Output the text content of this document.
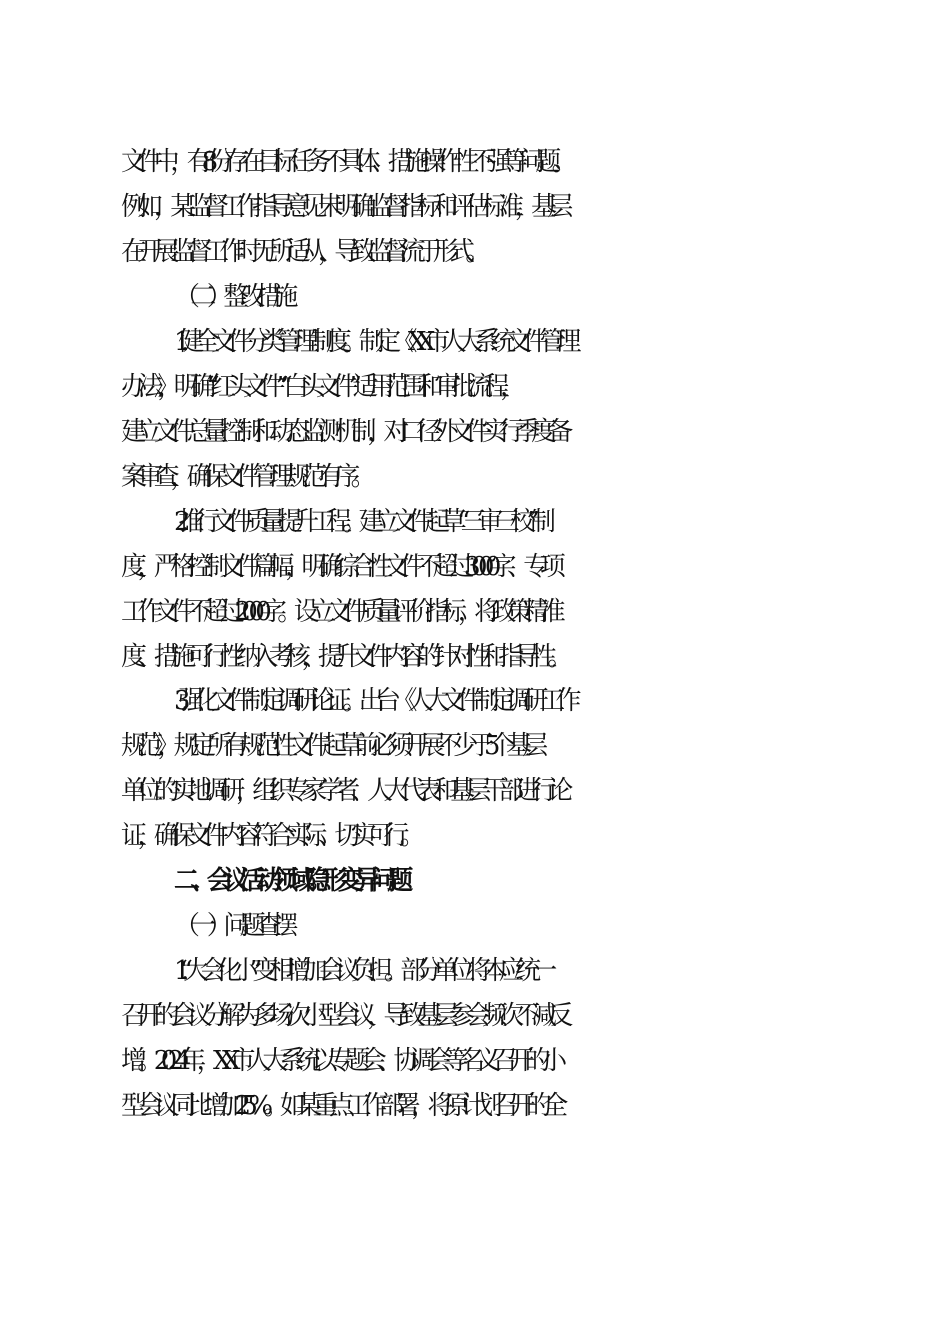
文件中，有 8 份存在目标任务不具体、措施操作性不强等问题。
例如，某监督工作指导意见未明确监督指标和评估标准，基层
在开展监督工作时无所适从，导致监督流于形式。
（二）整改措施
1. 健全文件分类管理制度。制定《XX 市人大系统文件管理
办法》，明确“红头文件”“白头文件”适用范围和审批流程，
建立文件总量控制和动态监测机制，对口径外文件实行季度备
案审查，确保文件管理规范有序。
2. 推行文件质量提升工程。建立文件起草“三审三校”制
度，严格控制文件篇幅，明确综合性文件不超过 3000 字、专项
工作文件不超过 2000 字。设立文件质量评价指标，将政策精准
度、措施可行性纳入考核，提升文件内容的针对性和指导性。
3. 强化文件制定调研论证。出台《人大文件制定调研工作
规范》，规定所有规范性文件起草前必须开展不少于 5 个基层
单位的实地调研，组织专家学者、人大代表和基层干部进行论
证，确保文件内容符合实际、切实可行。
二、会议活动领域隐形变异问题
（一）问题查摆
1.“大会化小”变相增加会议负担。部分单位将本应统一
召开的会议分解为多场次小型会议，导致基层参会频次不减反
增。2024 年，XX 市人大系统以专题会、协调会等名义召开的小
型会议同比增加 25%。如某重点工作部署，将原计划召开的全
